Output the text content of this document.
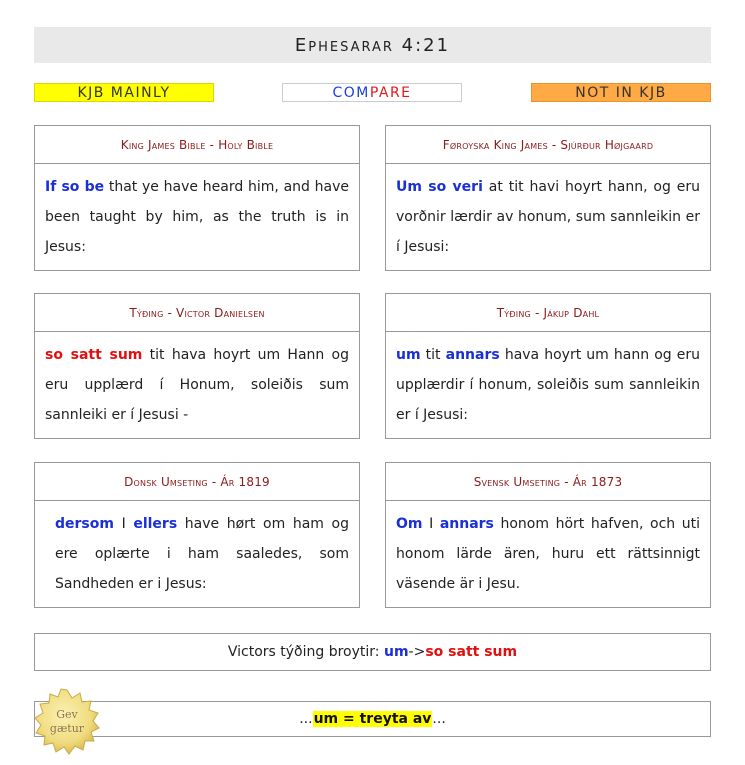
Ephesarar 4:21
KJB MAINLY	COM PARE	NOT IN KJB
King James Bible - Holy Bible
If so be that ye have heard him, and have been taught by him, as the truth is in Jesus:
Føroyska King James - Sjúrður Højgaard
Um so veri at tit havi hoyrt hann, og eru vorðnir lærdir av honum, sum sannleikin er í Jesusi:
Týðing - Victor Danielsen
so satt sum tit hava hoyrt um Hann og eru upplærd í Honum, soleiðis sum sannleiki er í Jesusi -
Týðing - Jákup Dahl
um tit annars hava hoyrt um hann og eru upplærdir í honum, soleiðis sum sannleikin er í Jesusi:
Donsk Umseting - Ár 1819
dersom I ellers have hørt om ham og ere oplærte i ham saaledes, som Sandheden er i Jesus:
Svensk Umseting - Ár 1873
Om I annars honom hört hafven, och uti honom lärde ären, huru ett rättsinnigt väsende är i Jesu.
Victors týðing broytir:
um -> so satt sum
... um = treyta av ...
Gev
gætur
